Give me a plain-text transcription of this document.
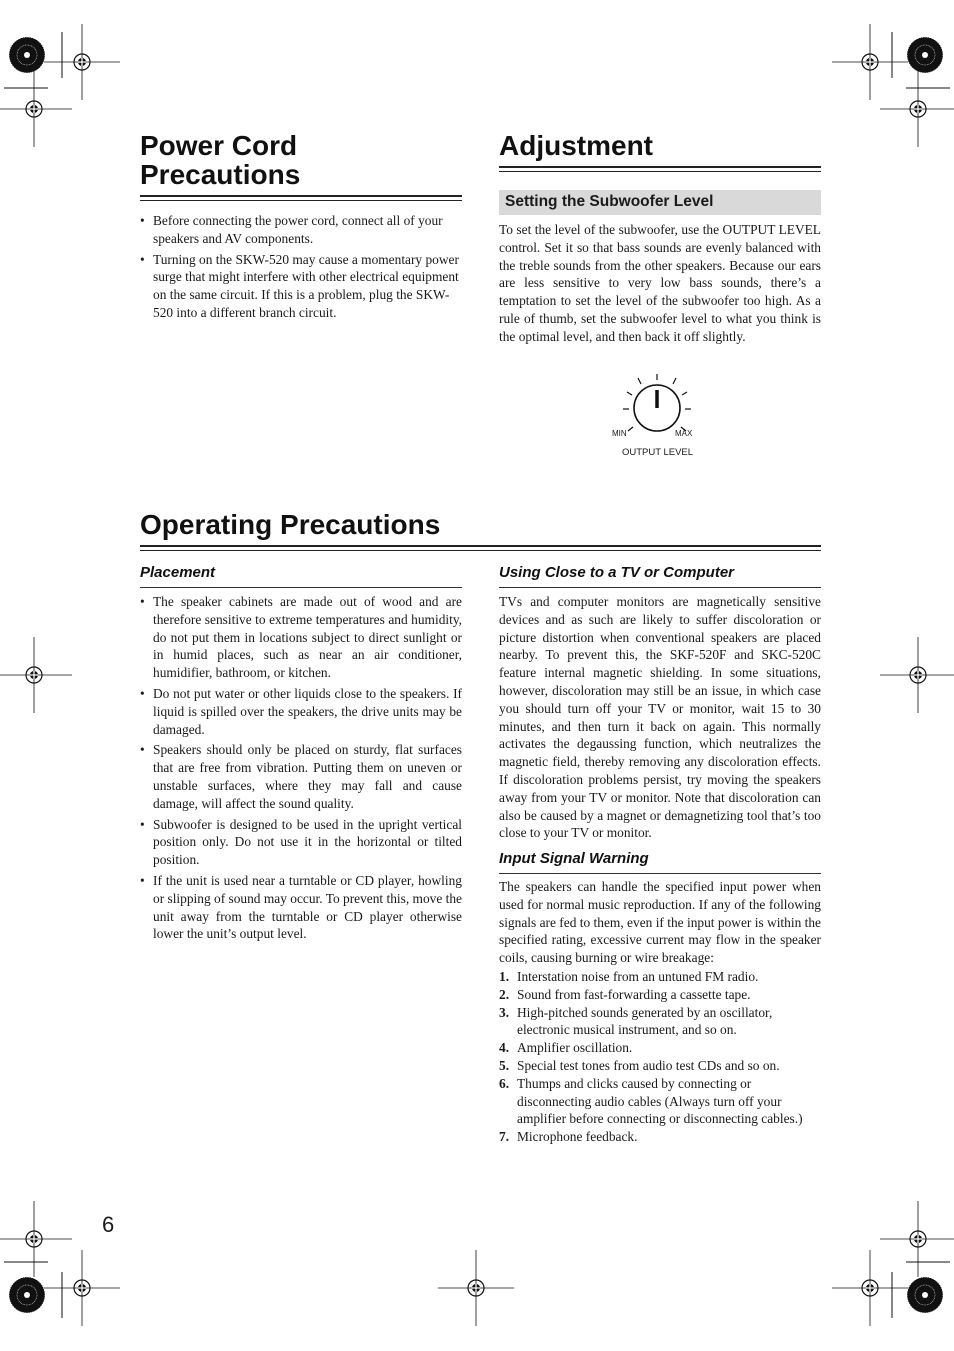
Power Cord Precautions
• Before connecting the power cord, connect all of your speakers and AV components.
• Turning on the SKW-520 may cause a momentary power surge that might interfere with other electrical equipment on the same circuit. If this is a problem, plug the SKW-520 into a different branch circuit.
Adjustment
Setting the Subwoofer Level
To set the level of the subwoofer, use the OUTPUT LEVEL control. Set it so that bass sounds are evenly balanced with the treble sounds from the other speakers. Because our ears are less sensitive to very low bass sounds, there’s a temptation to set the level of the subwoofer too high. As a rule of thumb, set the subwoofer level to what you think is the optimal level, and then back it off slightly.
MIN	MAX
OUTPUT LEVEL
Operating Precautions
Placement
• The speaker cabinets are made out of wood and are therefore sensitive to extreme temperatures and humidity, do not put them in locations subject to direct sunlight or in humid places, such as near an air conditioner, humidifier, bathroom, or kitchen.
• Do not put water or other liquids close to the speakers. If liquid is spilled over the speakers, the drive units may be damaged.
• Speakers should only be placed on sturdy, flat surfaces that are free from vibration. Putting them on uneven or unstable surfaces, where they may fall and cause damage, will affect the sound quality.
• Subwoofer is designed to be used in the upright vertical position only. Do not use it in the horizontal or tilted position.
• If the unit is used near a turntable or CD player, howling or slipping of sound may occur. To prevent this, move the unit away from the turntable or CD player otherwise lower the unit’s output level.
Using Close to a TV or Computer
TVs and computer monitors are magnetically sensitive devices and as such are likely to suffer discoloration or picture distortion when conventional speakers are placed nearby. To prevent this, the SKF-520F and SKC-520C feature internal magnetic shielding. In some situations, however, discoloration may still be an issue, in which case you should turn off your TV or monitor, wait 15 to 30 minutes, and then turn it back on again. This normally activates the degaussing function, which neutralizes the magnetic field, thereby removing any discoloration effects. If discoloration problems persist, try moving the speakers away from your TV or monitor. Note that discoloration can also be caused by a magnet or demagnetizing tool that’s too close to your TV or monitor.
Input Signal Warning
The speakers can handle the specified input power when used for normal music reproduction. If any of the following signals are fed to them, even if the input power is within the specified rating, excessive current may flow in the speaker coils, causing burning or wire breakage:
1. Interstation noise from an untuned FM radio.
2. Sound from fast-forwarding a cassette tape.
3. High-pitched sounds generated by an oscillator, electronic musical instrument, and so on.
4. Amplifier oscillation.
5. Special test tones from audio test CDs and so on.
6. Thumps and clicks caused by connecting or disconnecting audio cables (Always turn off your amplifier before connecting or disconnecting cables.)
7. Microphone feedback.
6
